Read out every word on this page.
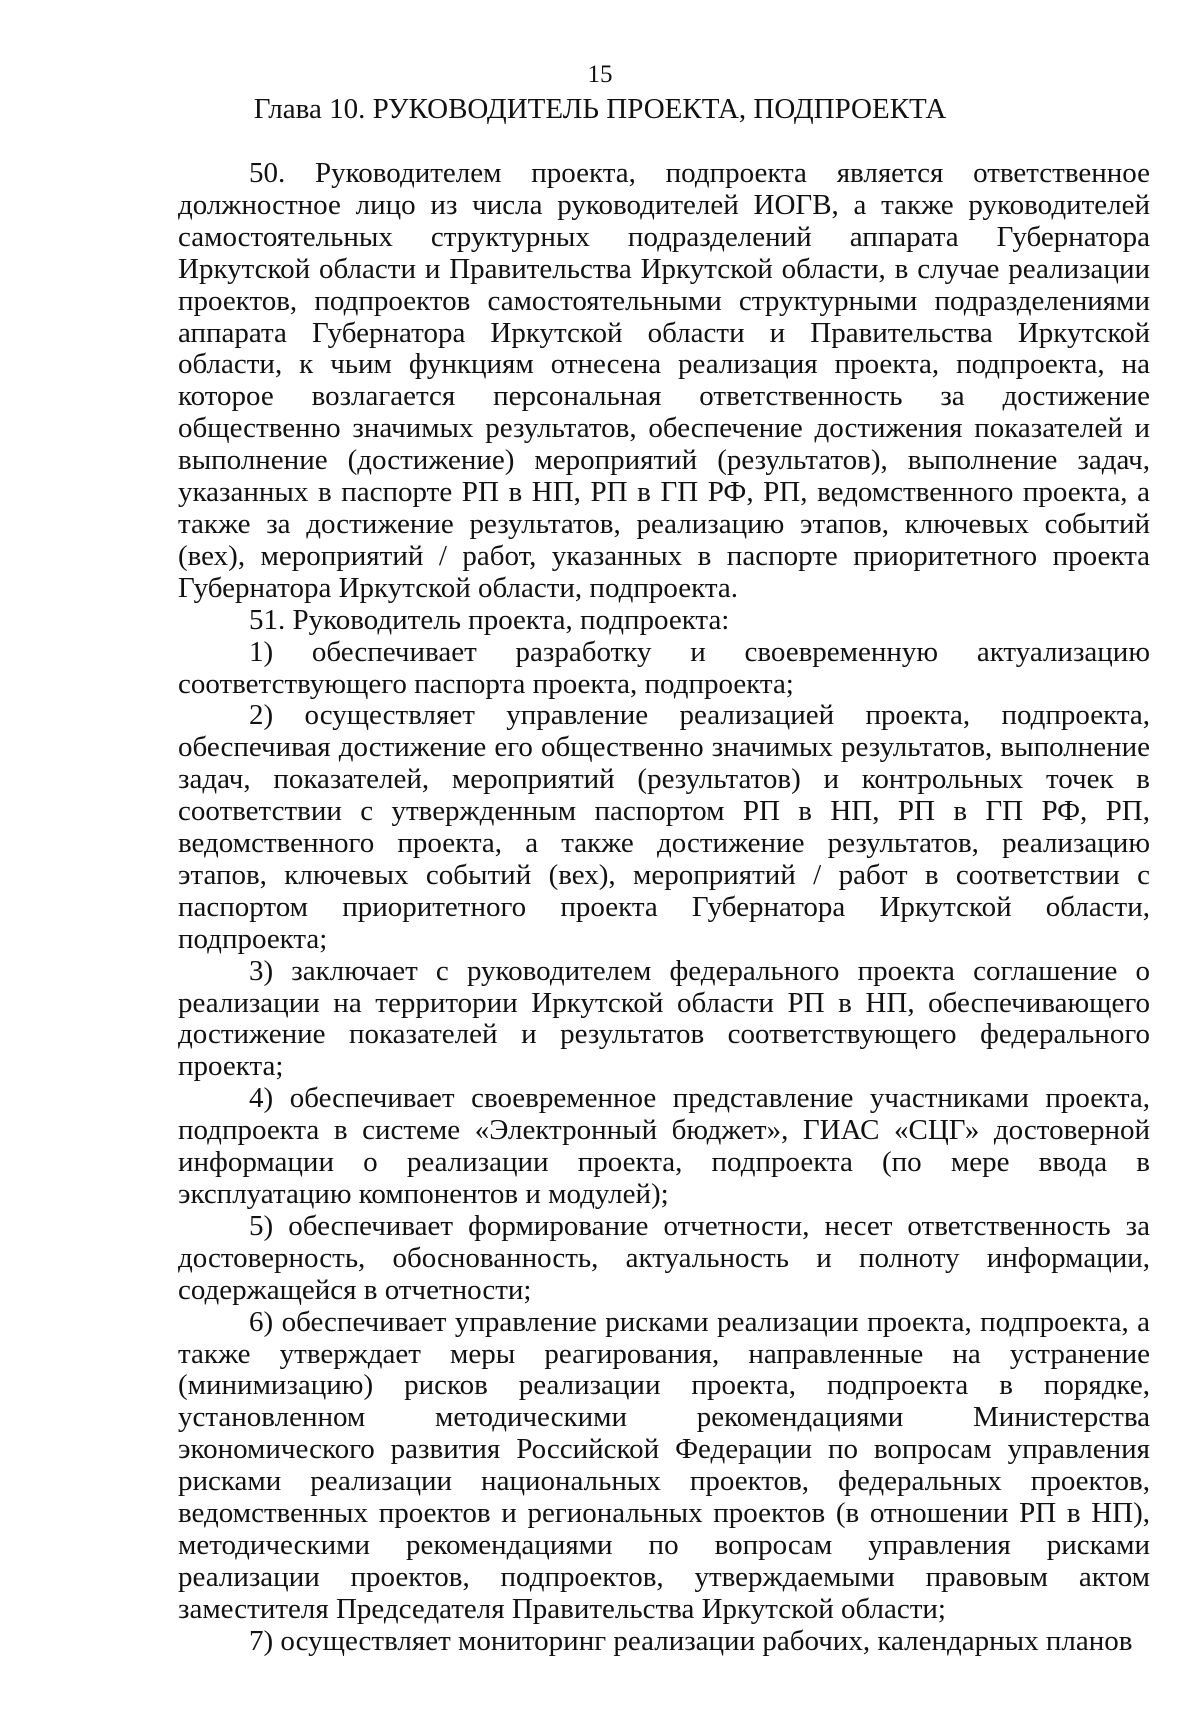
15
Глава 10. РУКОВОДИТЕЛЬ ПРОЕКТА, ПОДПРОЕКТА

50. Руководителем проекта, подпроекта является ответственное должностное лицо из числа руководителей ИОГВ, а также руководителей самостоятельных структурных подразделений аппарата Губернатора Иркутской области и Правительства Иркутской области, в случае реализации проектов, подпроектов самостоятельными структурными подразделениями аппарата Губернатора Иркутской области и Правительства Иркутской области, к чьим функциям отнесена реализация проекта, подпроекта, на которое возлагается персональная ответственность за достижение общественно значимых результатов, обеспечение достижения показателей и выполнение (достижение) мероприятий (результатов), выполнение задач, указанных в паспорте РП в НП, РП в ГП РФ, РП, ведомственного проекта, а также за достижение результатов, реализацию этапов, ключевых событий (вех), мероприятий / работ, указанных в паспорте приоритетного проекта Губернатора Иркутской области, подпроекта.

51. Руководитель проекта, подпроекта:

1) обеспечивает разработку и своевременную актуализацию соответствующего паспорта проекта, подпроекта;

2) осуществляет управление реализацией проекта, подпроекта, обеспечивая достижение его общественно значимых результатов, выполнение задач, показателей, мероприятий (результатов) и контрольных точек в соответствии с утвержденным паспортом РП в НП, РП в ГП РФ, РП, ведомственного проекта, а также достижение результатов, реализацию этапов, ключевых событий (вех), мероприятий / работ в соответствии с паспортом приоритетного проекта Губернатора Иркутской области, подпроекта;

3) заключает с руководителем федерального проекта соглашение о реализации на территории Иркутской области РП в НП, обеспечивающего достижение показателей и результатов соответствующего федерального проекта;

4) обеспечивает своевременное представление участниками проекта, подпроекта в системе «Электронный бюджет», ГИАС «СЦГ» достоверной информации о реализации проекта, подпроекта (по мере ввода в эксплуатацию компонентов и модулей);

5) обеспечивает формирование отчетности, несет ответственность за достоверность, обоснованность, актуальность и полноту информации, содержащейся в отчетности;

6) обеспечивает управление рисками реализации проекта, подпроекта, а также утверждает меры реагирования, направленные на устранение (минимизацию) рисков реализации проекта, подпроекта в порядке, установленном методическими рекомендациями Министерства экономического развития Российской Федерации по вопросам управления рисками реализации национальных проектов, федеральных проектов, ведомственных проектов и региональных проектов (в отношении РП в НП), методическими рекомендациями по вопросам управления рисками реализации проектов, подпроектов, утверждаемыми правовым актом заместителя Председателя Правительства Иркутской области;

7) осуществляет мониторинг реализации рабочих, календарных планов
